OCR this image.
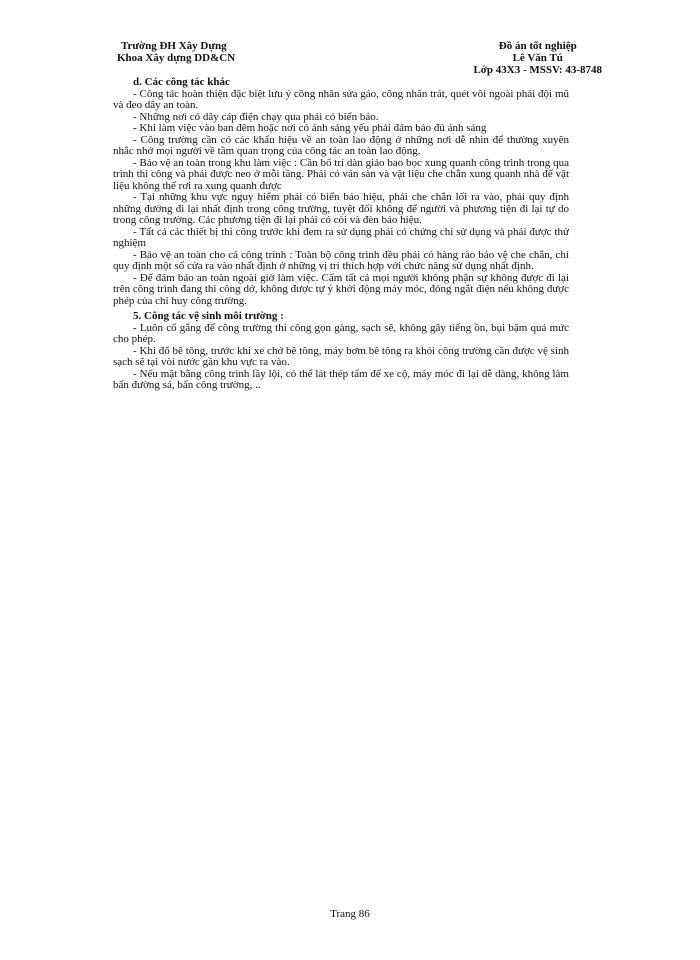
Trường ĐH Xây Dựng
Khoa Xây dựng DD&CN
Đồ án tốt nghiệp
Lê Văn Tú
Lớp 43X3 - MSSV: 43-8748
d. Các công tác khác

- Công tác hoàn thiện đặc biệt lưu ý công nhân sửa gáo, công nhân trát, quét vôi ngoài phải đội mũ và đeo dây an toàn.

- Những nơi có dây cáp điện chạy qua phải có biển báo.

- Khi làm việc vào ban đêm hoặc nơi có ánh sáng yếu phải đảm bảo đủ ánh sáng

- Công trường cần có các khẩu hiệu về an toàn lao động ở những nơi dễ nhìn để thường xuyên nhắc nhở mọi người về tầm quan trọng của công tác an toàn lao động.

- Bảo vệ an toàn trong khu làm việc : Cần bố trí dàn giáo bao bọc xung quanh công trình trong qua trình thi công và phải được neo ở mỗi tầng. Phải có ván sàn và vật liệu che chắn xung quanh nhà để vật liệu không thể rơi ra xung quanh được

- Tại những khu vực nguy hiểm phải có biển báo hiệu, phải che chắn lối ra vào, phải quy định những đường đi lại nhất định trong công trường, tuyệt đối không để người và phương tiện đi lại tự do trong công trường. Các phương tiện đi lại phải có còi và đèn báo hiệu.

- Tất cả các thiết bị thi công trước khi đem ra sử dụng phải có chứng chỉ sử dụng và phải được thử nghiệm

- Bảo vệ an toàn cho cả công trình : Toàn bộ công trình đều phải có hàng rào bảo vệ che chắn, chỉ quy định một số cửa ra vào nhất định ở những vị trí thích hợp với chức năng sử dụng nhất định.

- Để đảm bảo an toàn ngoài giờ làm việc. Cấm tất cả mọi người không phận sự không được đi lại trên công trình đang thi công dở, không được tự ý khởi động máy móc, đóng ngắt điện nếu không được phép của chỉ huy công trường.

5. Công tác vệ sinh môi trường :

- Luôn cố gắng để công trường thi công gọn gàng, sạch sẽ, không gây tiếng ồn, bụi bặm quá mức cho phép.

- Khi đổ bê tông, trước khi xe chở bê tông, máy bơm bê tông ra khỏi công trường cần được vệ sinh sạch sẽ tại vòi nước gần khu vực ra vào.

- Nếu mặt bằng công trình lầy lội, có thể lát thép tấm để xe cộ, máy móc đi lại dễ dàng, không làm bẩn đường sá, bẩn công trường, ..

Trang 86
